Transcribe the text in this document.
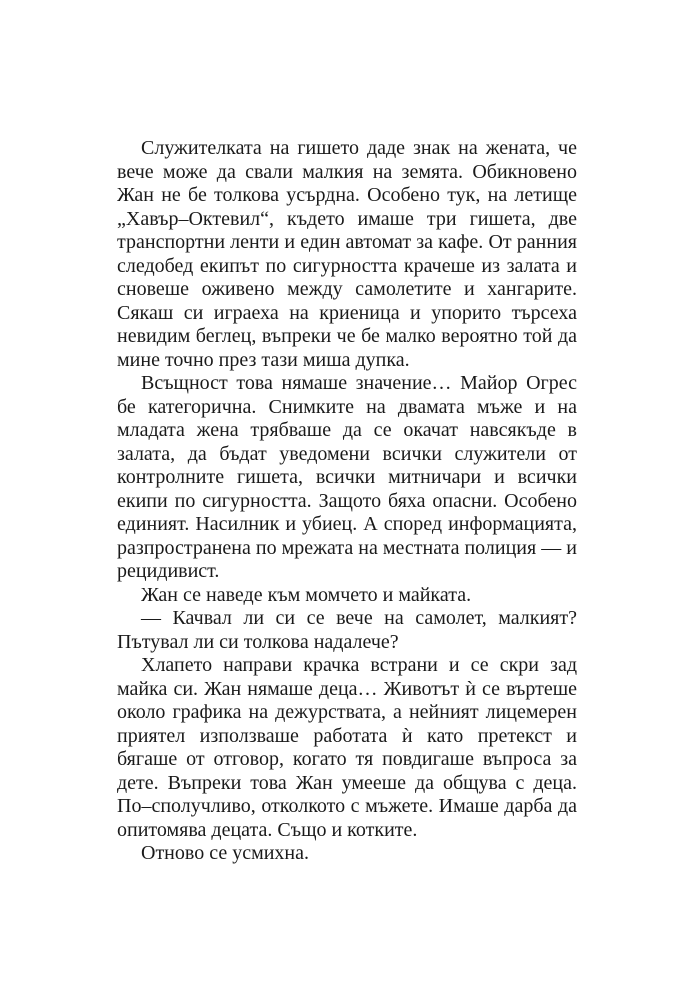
Служителката на гишето даде знак на жената, че
вече може да свали малкия на земята. Обикновено
Жан не бе толкова усърдна. Особено тук, на летище
„Хавър–Октевил“, където имаше три гишета, две
транспортни ленти и един автомат за кафе. От ранния
следобед екипът по сигурността крачеше из залата и
сновеше оживено между самолетите и хангарите.
Сякаш си играеха на криеница и упорито търсеха
невидим беглец, въпреки че бе малко вероятно той да
мине точно през тази миша дупка.
Всъщност това нямаше значение… Майор Огрес
бе категорична. Снимките на двамата мъже и на
младата жена трябваше да се окачат навсякъде в
залата, да бъдат уведомени всички служители от
контролните гишета, всички митничари и всички
екипи по сигурността. Защото бяха опасни. Особено
единият. Насилник и убиец. А според информацията,
разпространена по мрежата на местната полиция — и
рецидивист.
Жан се наведе към момчето и майката.
— Качвал ли си се вече на самолет, малкият?
Пътувал ли си толкова надалече?
Хлапето направи крачка встрани и се скри зад
майка си. Жан нямаше деца… Животът ѝ се въртеше
около графика на дежурствата, а нейният лицемерен
приятел използваше работата ѝ като претекст и
бягаше от отговор, когато тя повдигаше въпроса за
дете. Въпреки това Жан умееше да общува с деца.
По–сполучливо, отколкото с мъжете. Имаше дарба да
опитомява децата. Също и котките.
Отново се усмихна.
